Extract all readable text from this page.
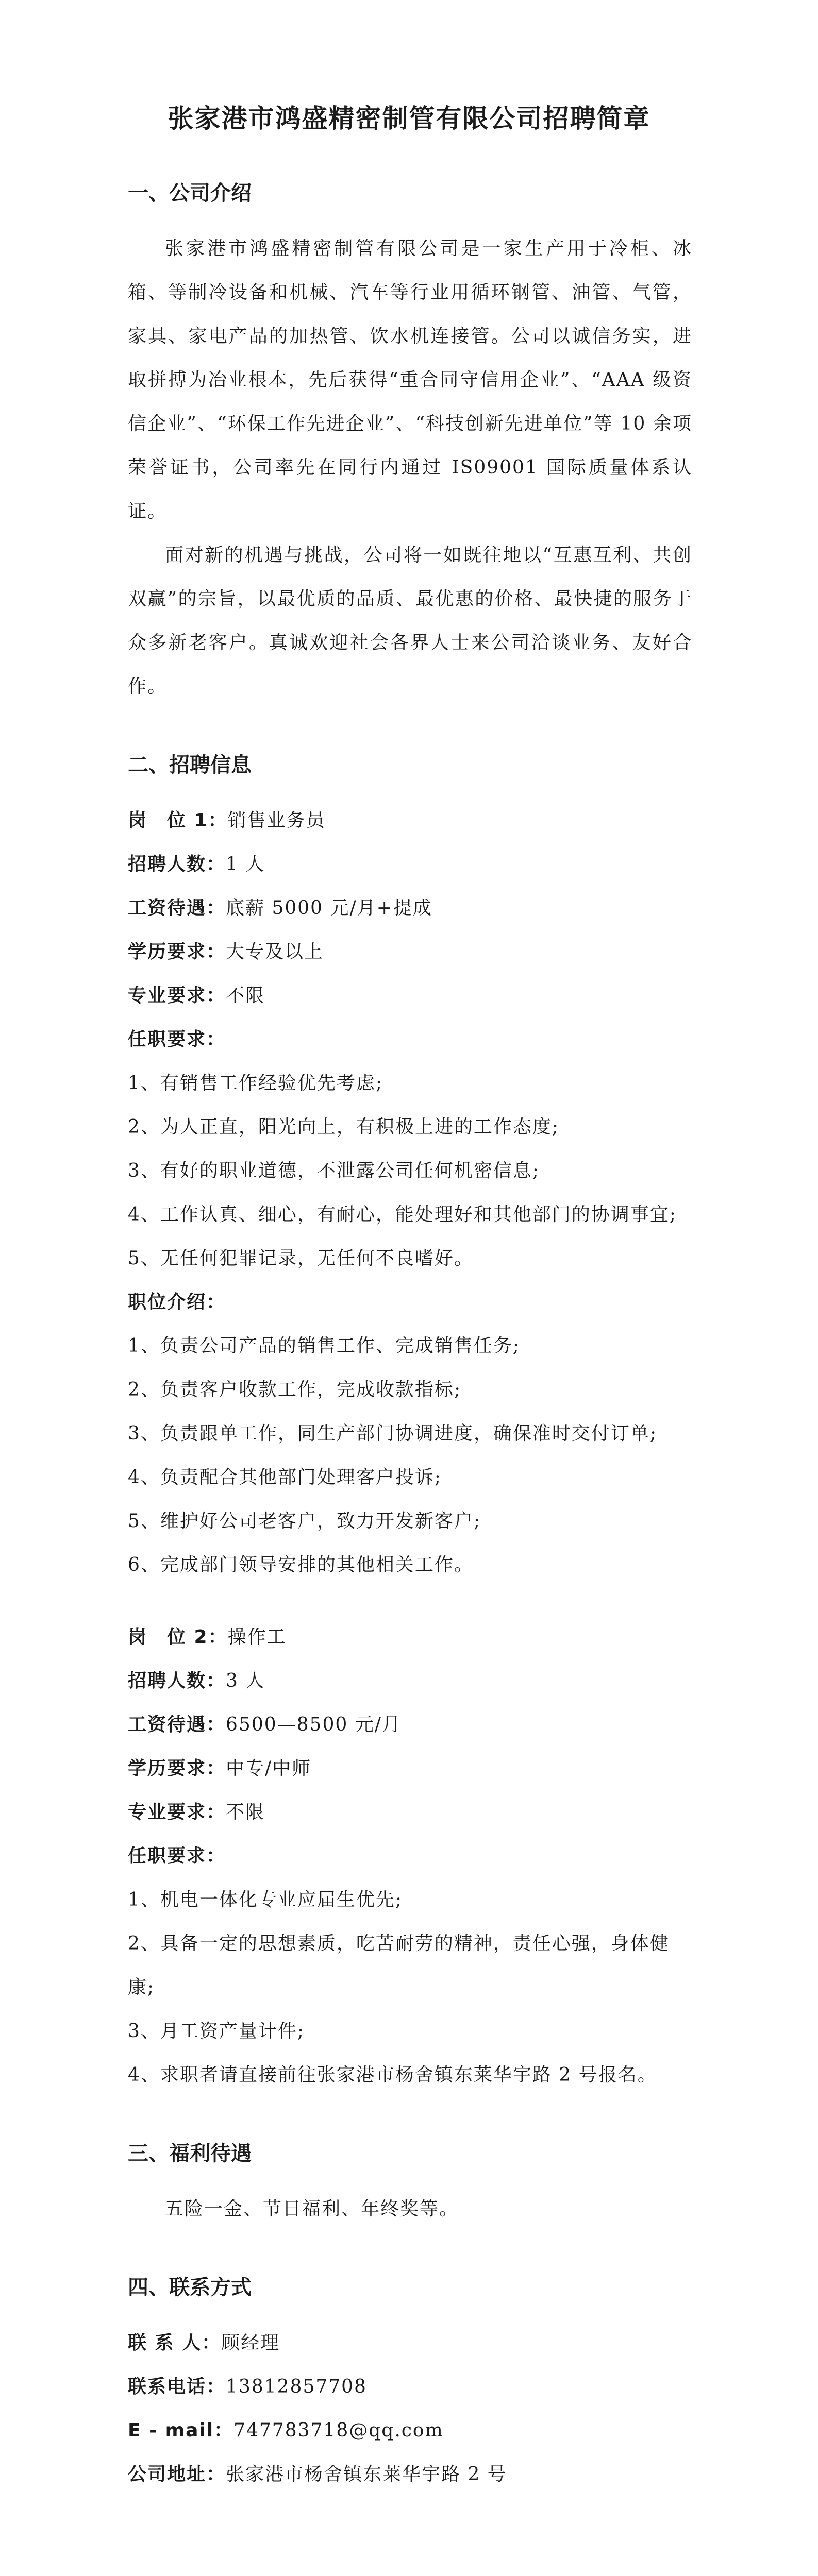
张家港市鸿盛精密制管有限公司招聘简章

一、公司介绍

张家港市鸿盛精密制管有限公司是一家生产用于冷柜、冰箱、等制冷设备和机械、汽车等行业用循环钢管、油管、气管，家具、家电产品的加热管、饮水机连接管。公司以诚信务实，进取拼搏为冶业根本，先后获得“重合同守信用企业”、“AAA 级资信企业”、“环保工作先进企业”、“科技创新先进单位”等 10 余项荣誉证书，公司率先在同行内通过 IS09001 国际质量体系认证。

面对新的机遇与挑战，公司将一如既往地以“互惠互利、共创双赢”的宗旨，以最优质的品质、最优惠的价格、最快捷的服务于众多新老客户。真诚欢迎社会各界人士来公司洽谈业务、友好合作。

二、招聘信息

岗　位 1：销售业务员

招聘人数：1 人

工资待遇：底薪 5000 元/月+提成

学历要求：大专及以上

专业要求：不限

任职要求：

1、有销售工作经验优先考虑;

2、为人正直，阳光向上，有积极上进的工作态度;

3、有好的职业道德，不泄露公司任何机密信息;

4、工作认真、细心，有耐心，能处理好和其他部门的协调事宜;

5、无任何犯罪记录，无任何不良嗜好。

职位介绍：

1、负责公司产品的销售工作、完成销售任务;

2、负责客户收款工作，完成收款指标;

3、负责跟单工作，同生产部门协调进度，确保准时交付订单;

4、负责配合其他部门处理客户投诉;

5、维护好公司老客户，致力开发新客户;

6、完成部门领导安排的其他相关工作。

岗　位 2：操作工

招聘人数：3 人

工资待遇：6500—8500 元/月

学历要求：中专/中师

专业要求：不限

任职要求：

1、机电一体化专业应届生优先;

2、具备一定的思想素质，吃苦耐劳的精神，责任心强，身体健康;

3、月工资产量计件;

4、求职者请直接前往张家港市杨舍镇东莱华宇路 2 号报名。

三、福利待遇

五险一金、节日福利、年终奖等。

四、联系方式

联 系 人：顾经理

联系电话：13812857708

E - mail：747783718@qq.com

公司地址：张家港市杨舍镇东莱华宇路 2 号
